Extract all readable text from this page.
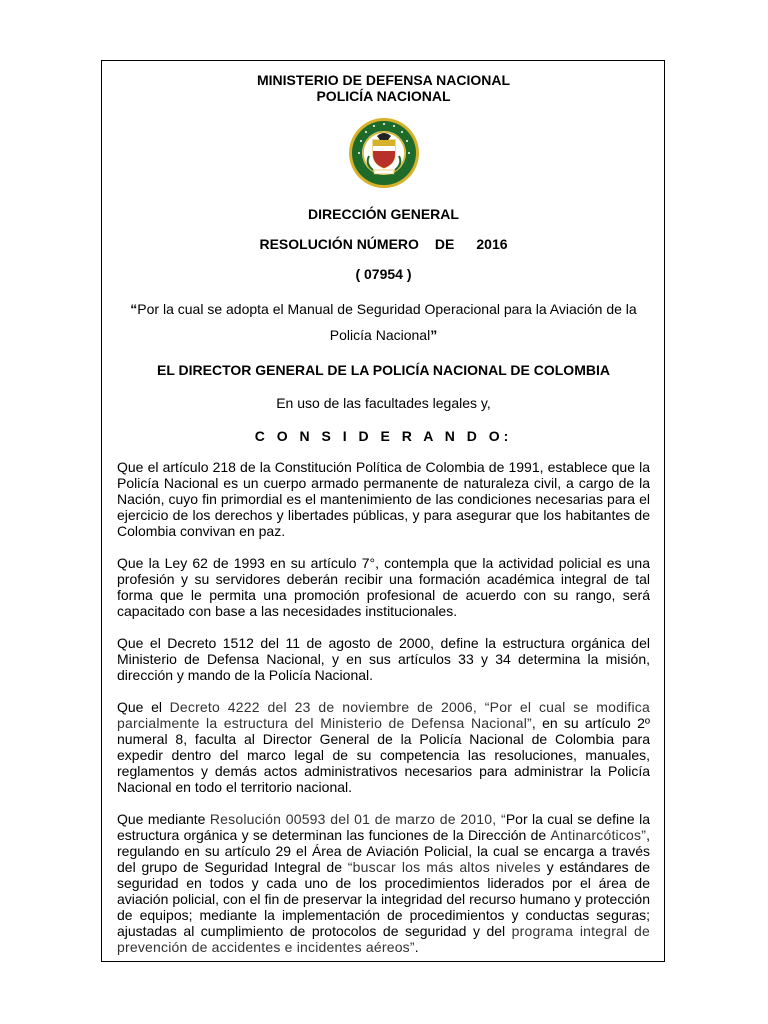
MINISTERIO DE DEFENSA NACIONAL

POLICÍA NACIONAL

DIRECCIÓN GENERAL
RESOLUCIÓN NÚMERO DE 2016
( 07954 )
“Por la cual se adopta el Manual de Seguridad Operacional para la Aviación de la
Policía Nacional”
EL DIRECTOR GENERAL DE LA POLICÍA NACIONAL DE COLOMBIA
En uso de las facultades legales y,
C O N S I D E R A N D O:

Que el artículo 218 de la Constitución Política de Colombia de 1991, establece que la Policía Nacional es un cuerpo armado permanente de naturaleza civil, a cargo de la Nación, cuyo fin primordial es el mantenimiento de las condiciones necesarias para el ejercicio de los derechos y libertades públicas, y para asegurar que los habitantes de Colombia convivan en paz.

Que la Ley 62 de 1993 en su artículo 7°, contempla que la actividad policial es una profesión y su servidores deberán recibir una formación académica integral de tal forma que le permita una promoción profesional de acuerdo con su rango, será capacitado con base a las necesidades institucionales.

Que el Decreto 1512 del 11 de agosto de 2000, define la estructura orgánica del Ministerio de Defensa Nacional, y en sus artículos 33 y 34 determina la misión, dirección y mando de la Policía Nacional.

Que el Decreto 4222 del 23 de noviembre de 2006, “Por el cual se modifica parcialmente la estructura del Ministerio de Defensa Nacional”, en su artículo 2º numeral 8, faculta al Director General de la Policía Nacional de Colombia para expedir dentro del marco legal de su competencia las resoluciones, manuales, reglamentos y demás actos administrativos necesarios para administrar la Policía Nacional en todo el territorio nacional.

Que mediante Resolución 00593 del 01 de marzo de 2010, “Por la cual se define la estructura orgánica y se determinan las funciones de la Dirección de Antinarcóticos”, regulando en su artículo 29 el Área de Aviación Policial, la cual se encarga a través del grupo de Seguridad Integral de “buscar los más altos niveles y estándares de seguridad en todos y cada uno de los procedimientos liderados por el área de aviación policial, con el fin de preservar la integridad del recurso humano y protección de equipos; mediante la implementación de procedimientos y conductas seguras; ajustadas al cumplimiento de protocolos de seguridad y del programa integral de prevención de accidentes e incidentes aéreos”.
